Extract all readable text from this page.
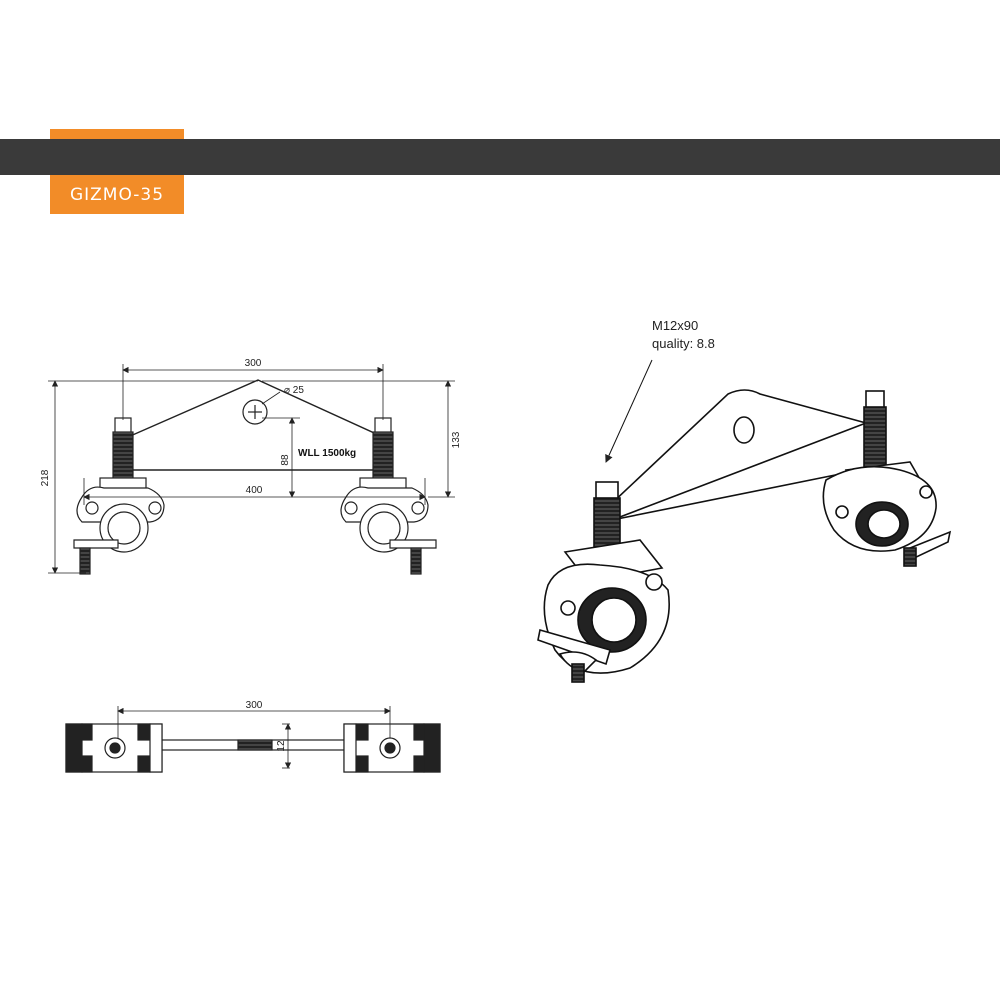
GIZMO-35
300
⌀ 25
218
133
88
WLL 1500kg
400
300
12
M12x90
quality: 8.8
